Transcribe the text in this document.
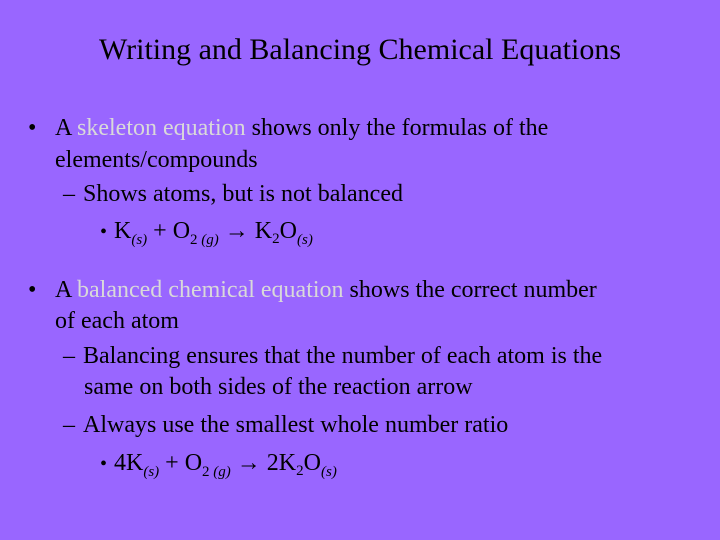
Writing and Balancing Chemical Equations
• A skeleton equation shows only the formulas of the
elements/compounds
– Shows atoms, but is not balanced
• $K_{(s)} + O_2$ $_{(g)} \to K_2O_{(s)}$
• A balanced chemical equation shows the correct number
of each atom
– Balancing ensures that the number of each atom is the
same on both sides of the reaction arrow
– Always use the smallest whole number ratio
• $4K_{(s)} + O_2$ $_{(g)} \to 2K_2O_{(s)}$
